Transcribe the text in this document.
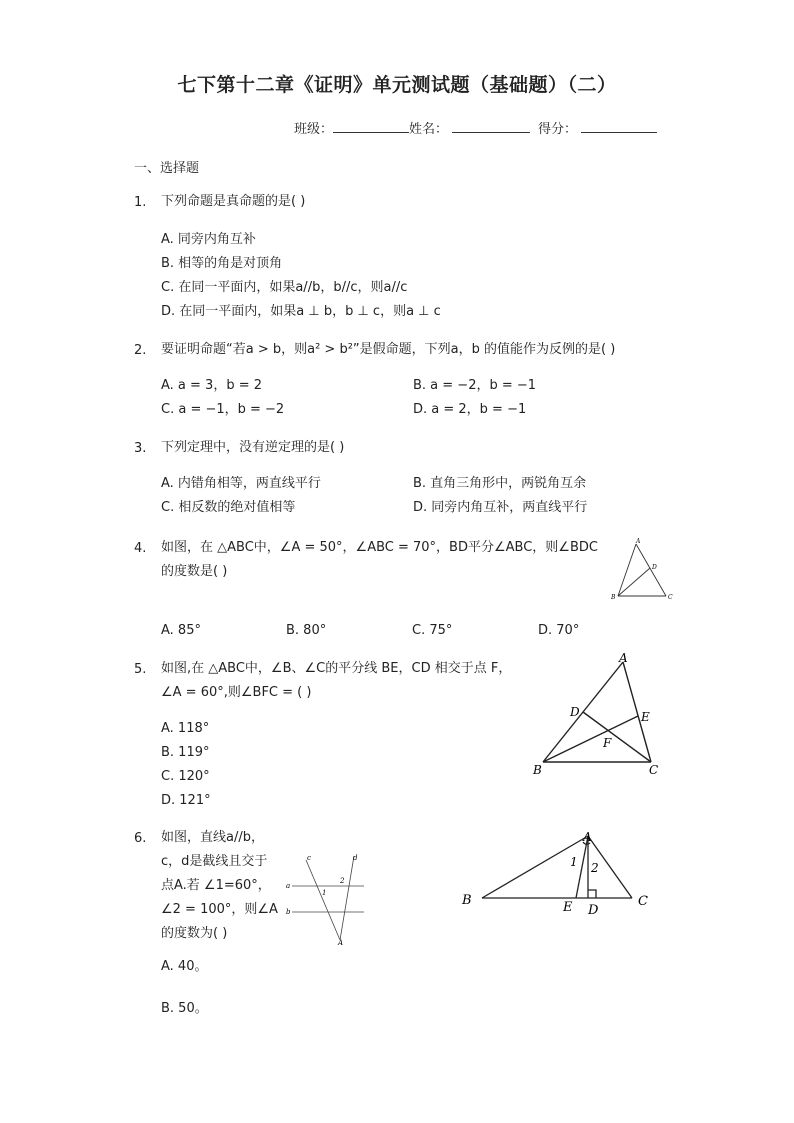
七下第十二章《证明》单元测试题（基础题）（二）
班级：	姓名：	得分：
一、选择题
1. 下列命题是真命题的是( )
A. 同旁内角互补
B. 相等的角是对顶角
C. 在同一平面内，如果a//b，b//c，则a//c
D. 在同一平面内，如果a ⊥ b，b ⊥ c，则a ⊥ c
2. 要证明命题“若a > b，则a² > b²”是假命题，下列a，b 的值能作为反例的是( )
A. a = 3，b = 2	B. a = −2，b = −1
C. a = −1，b = −2	D. a = 2，b = −1
3. 下列定理中，没有逆定理的是( )
A. 内错角相等，两直线平行	B. 直角三角形中，两锐角互余
C. 相反数的绝对值相等	D. 同旁内角互补，两直线平行
4. 如图，在 △ABC中，∠A = 50°，∠ABC = 70°，BD平分∠ABC，则∠BDC
的度数是( )
A
B	C
D
A. 85°	B. 80°	C. 75°	D. 70°
5. 如图,在 △ABC中，∠B、∠C的平分线 BE，CD 相交于点 F，
∠A = 60°,则∠BFC = ( )
A. 118°
B. 119°
C. 120°
D. 121°
A
B	C
D	E
F
6. 如图，直线a//b，
c，d是截线且交于
点A.若 ∠1=60°，
∠2 = 100°，则∠A
的度数为( )
c	d
a
b
1
2
A
A
B	C
D
E
1 2
A. 40。
B. 50。
